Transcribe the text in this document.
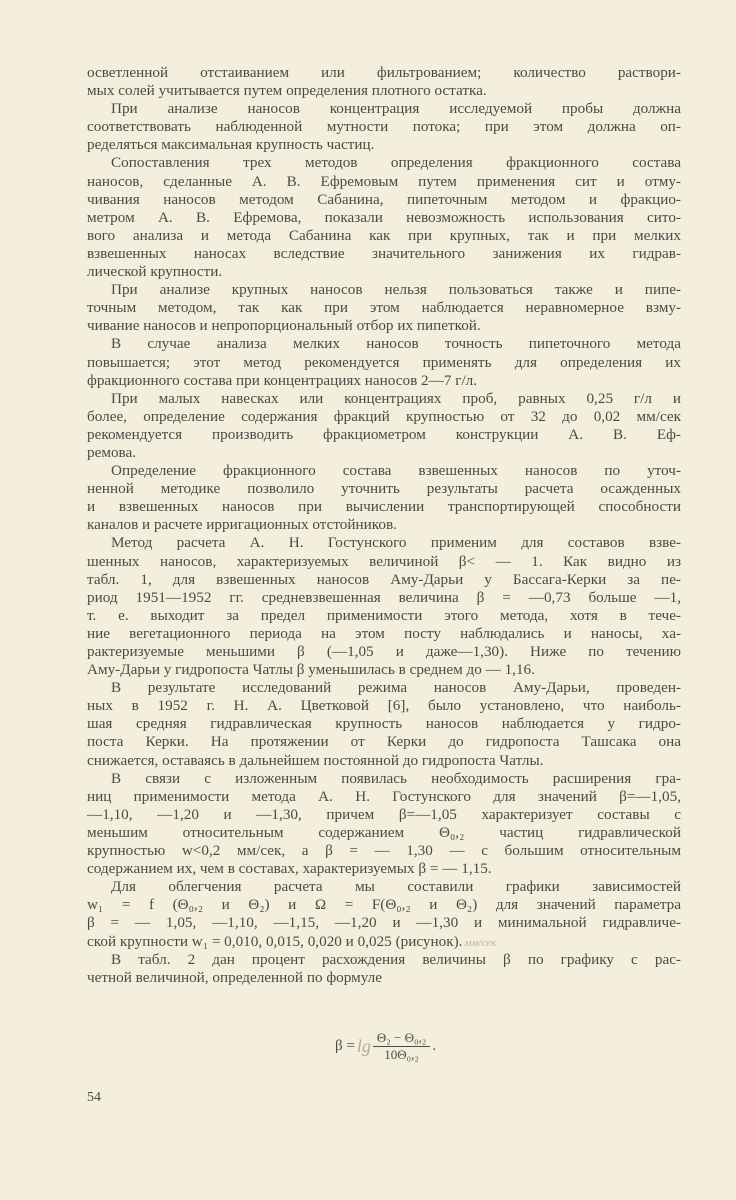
осветленной отстаиванием или фильтрованием; количество раствори-
мых солей учитывается путем определения плотного остатка.
При анализе наносов концентрация исследуемой пробы должна
соответствовать наблюденной мутности потока; при этом должна оп-
ределяться максимальная крупность частиц.
Сопоставления трех методов определения фракционного состава
наносов, сделанные А. В. Ефремовым путем применения сит и отму-
чивания наносов методом Сабанина, пипеточным методом и фракцио-
метром А. В. Ефремова, показали невозможность использования сито-
вого анализа и метода Сабанина как при крупных, так и при мелких
взвешенных наносах вследствие значительного занижения их гидрав-
лической крупности.
При анализе крупных наносов нельзя пользоваться также и пипе-
точным методом, так как при этом наблюдается неравномерное взму-
чивание наносов и непропорциональный отбор их пипеткой.
В случае анализа мелких наносов точность пипеточного метода
повышается; этот метод рекомендуется применять для определения их
фракционного состава при концентрациях наносов 2—7 г/л.
При малых навесках или концентрациях проб, равных 0,25 г/л и
более, определение содержания фракций крупностью от 32 до 0,02 мм/сек
рекомендуется производить фракциометром конструкции А. В. Еф-
ремова.
Определение фракционного состава взвешенных наносов по уточ-
ненной методике позволило уточнить результаты расчета осажденных
и взвешенных наносов при вычислении транспортирующей способности
каналов и расчете ирригационных отстойников.
Метод расчета А. Н. Гостунского применим для составов взве-
шенных наносов, характеризуемых величиной β< — 1. Как видно из
табл. 1, для взвешенных наносов Аму-Дарьи у Бассага-Керки за пе-
риод 1951—1952 гг. средневзвешенная величина β = —0,73 больше —1,
т. е. выходит за предел применимости этого метода, хотя в тече-
ние вегетационного периода на этом посту наблюдались и наносы, ха-
рактеризуемые меньшими β (—1,05 и даже—1,30). Ниже по течению
Аму-Дарьи у гидропоста Чатлы β уменьшилась в среднем до — 1,16.
В результате исследований режима наносов Аму-Дарьи, проведен-
ных в 1952 г. Н. А. Цветковой [6], было установлено, что наиболь-
шая средняя гидравлическая крупность наносов наблюдается у гидро-
поста Керки. На протяжении от Керки до гидропоста Ташсака она
снижается, оставаясь в дальнейшем постоянной до гидропоста Чатлы.
В связи с изложенным появилась необходимость расширения гра-
ниц применимости метода А. Н. Гостунского для значений β=—1,05,
—1,10, —1,20 и —1,30, причем β=—1,05 характеризует составы с
меньшим относительным содержанием Θ₀,₂ частиц гидравлической
крупностью w<0,2 мм/сек, а β = — 1,30 — с большим относительным
содержанием их, чем в составах, характеризуемых β = — 1,15.
Для облегчения расчета мы составили графики зависимостей
w₁ = f (Θ₀,₂ и Θ₂) и Ω = F(Θ₀,₂ и Θ₂) для значений параметра
β = — 1,05, —1,10, —1,15, —1,20 и —1,30 и минимальной гидравличе-
ской крупности w₁ = 0,010, 0,015, 0,020 и 0,025 (рисунок). мм/сек
В табл. 2 дан процент расхождения величины β по графику с рас-
четной величиной, определенной по формуле
$\beta = \lg \frac{\text{Θ₂ − Θ₀,₂}}{\text{10Θ₀,₂}}$ .
54
